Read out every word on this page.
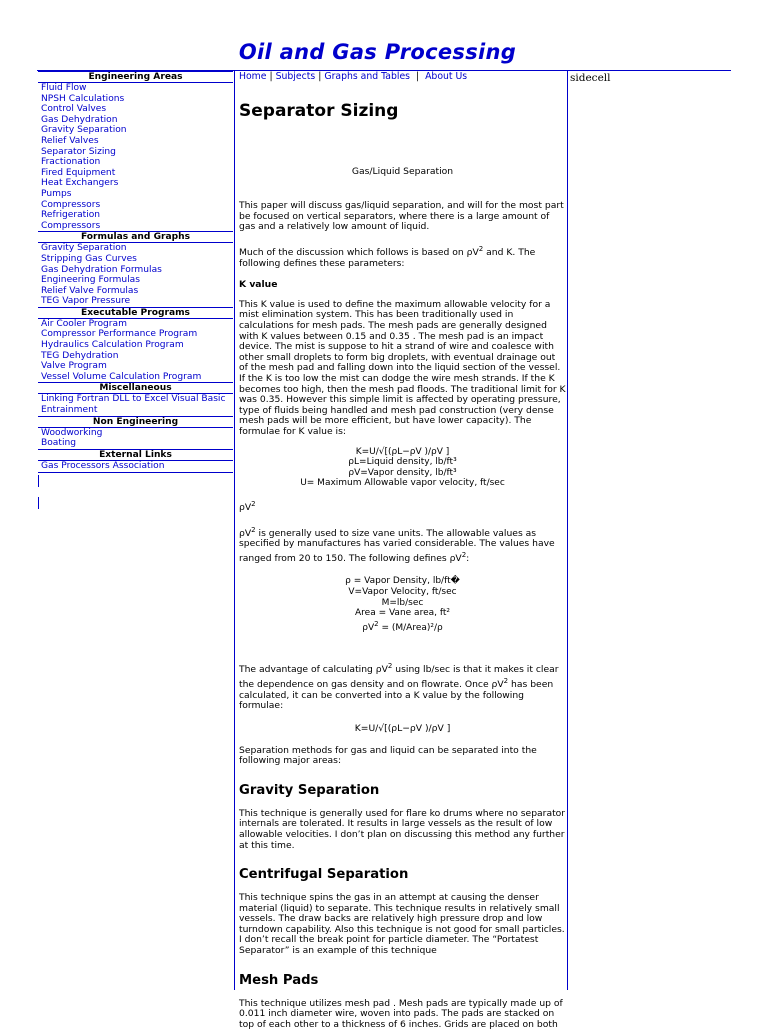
Oil and Gas Processing
Engineering Areas
Fluid Flow
NPSH Calculations
Control Valves
Gas Dehydration
Gravity Separation
Relief Valves
Separator Sizing
Fractionation
Fired Equipment
Heat Exchangers
Pumps
Compressors
Refrigeration
Compressors
Formulas and Graphs
Gravity Separation
Stripping Gas Curves
Gas Dehydration Formulas
Engineering Formulas
Relief Valve Formulas
TEG Vapor Pressure
Executable Programs
Air Cooler Program
Compressor Performance Program
Hydraulics Calculation Program
TEG Dehydration
Valve Program
Vessel Volume Calculation Program
Miscellaneous
Linking Fortran DLL to Excel Visual Basic Entrainment
Non Engineering
Woodworking
Boating
External Links
Gas Processors Association
Home | Subjects | Graphs and Tables | About Us
Separator Sizing

Gas/Liquid Separation

This paper will discuss gas/liquid separation, and will for the most part be focused on vertical separators, where there is a large amount of gas and a relatively low amount of liquid.

Much of the discussion which follows is based on $\rho V^2$ and K. The following defines these parameters:

K value

This K value is used to define the maximum allowable velocity for a mist elimination system. This has been traditionally used in calculations for mesh pads. The mesh pads are generally designed with K values between 0.15 and 0.35 . The mesh pad is an impact device. The mist is suppose to hit a strand of wire and coalesce with other small droplets to form big droplets, with eventual drainage out of the mesh pad and falling down into the liquid section of the vessel. If the K is too low the mist can dodge the wire mesh strands. If the K becomes too high, then the mesh pad floods. The traditional limit for K was 0.35. However this simple limit is affected by operating pressure, type of fluids being handled and mesh pad construction (very dense mesh pads will be more efficient, but have lower capacity). The formulae for K value is:

K=U/√[(ρL−ρV )/ρV ]
ρL=Liquid density, lb/ft³
ρV=Vapor density, lb/ft³
U= Maximum Allowable vapor velocity, ft/sec

$\rho V^2$

$\rho V^2$ is generally used to size vane units. The allowable values as specified by manufactures has varied considerable. The values have ranged from 20 to 150. The following defines $\rho V^2$:

ρ = Vapor Density, lb/ft�
V=Vapor Velocity, ft/sec
M=lb/sec
Area = Vane area, ft²
$\rho V^2$ = (M/Area)²/ρ

The advantage of calculating $\rho V^2$ using lb/sec is that it makes it clear the dependence on gas density and on flowrate. Once $\rho V^2$ has been calculated, it can be converted into a K value by the following formulae:

K=U/√[(ρL−ρV )/ρV ]

Separation methods for gas and liquid can be separated into the following major areas:

Gravity Separation

This technique is generally used for flare ko drums where no separator internals are tolerated. It results in large vessels as the result of low allowable velocities. I don’t plan on discussing this method any further at this time.

Centrifugal Separation

This technique spins the gas in an attempt at causing the denser material (liquid) to separate. This technique results in relatively small vessels. The draw backs are relatively high pressure drop and low turndown capability. Also this technique is not good for small particles. I don’t recall the break point for particle diameter. The “Portatest Separator” is an example of this technique

Mesh Pads

This technique utilizes mesh pad . Mesh pads are typically made up of 0.011 inch diameter wire, woven into pads. The pads are stacked on top of each other to a thickness of 6 inches. Grids are placed on both

sidecell
